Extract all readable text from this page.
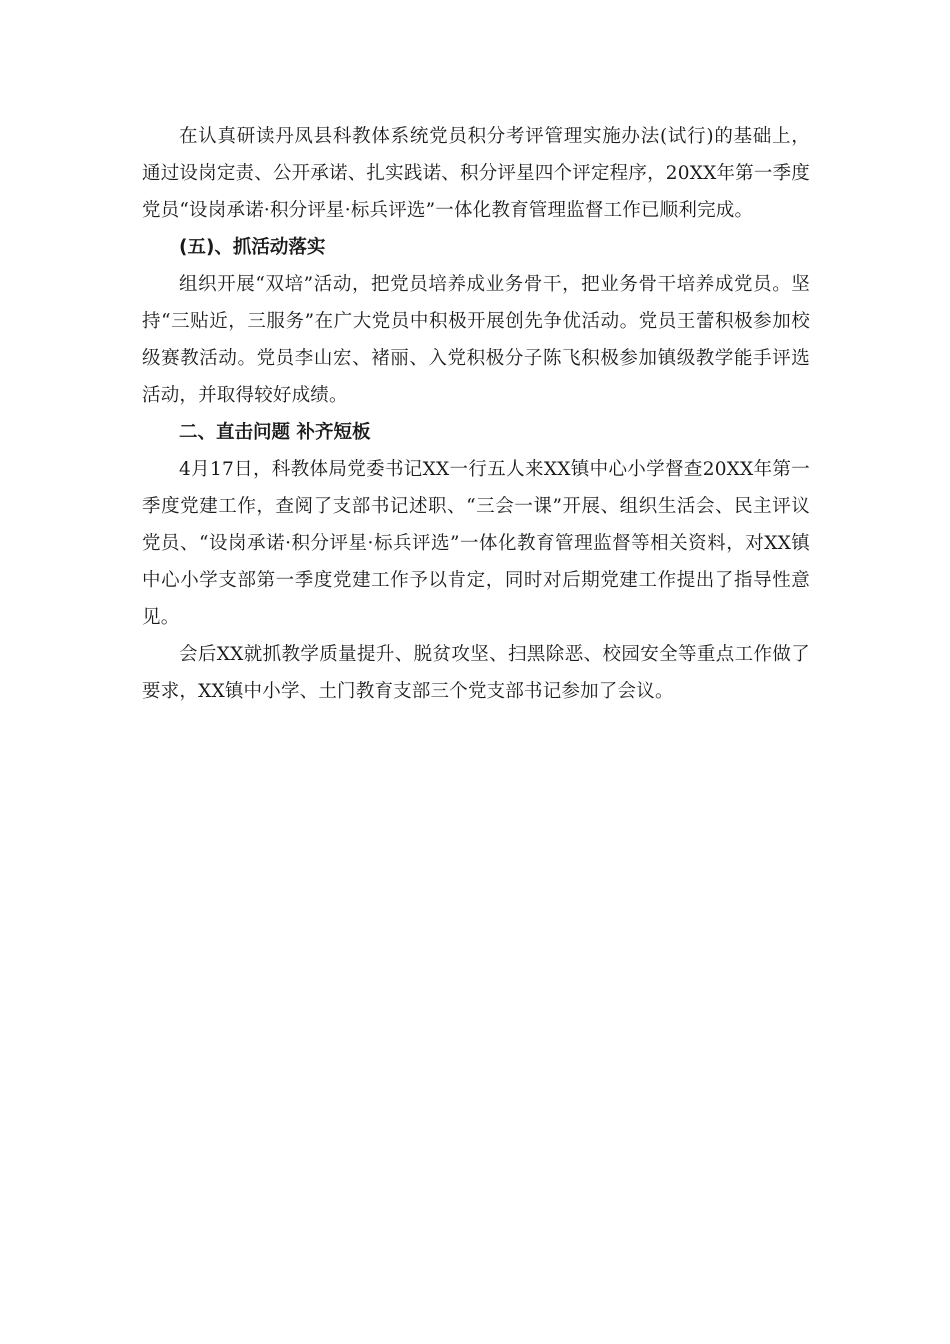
在认真研读丹凤县科教体系统党员积分考评管理实施办法(试行)的基础上，通过设岗定责、公开承诺、扎实践诺、积分评星四个评定程序，20XX年第一季度党员“设岗承诺·积分评星·标兵评选”一体化教育管理监督工作已顺利完成。

(五)、抓活动落实

组织开展“双培”活动，把党员培养成业务骨干，把业务骨干培养成党员。坚持“三贴近，三服务”在广大党员中积极开展创先争优活动。党员王蕾积极参加校级赛教活动。党员李山宏、褚丽、入党积极分子陈飞积极参加镇级教学能手评选活动，并取得较好成绩。

二、直击问题 补齐短板

4月17日，科教体局党委书记XX一行五人来XX镇中心小学督查20XX年第一季度党建工作，查阅了支部书记述职、“三会一课”开展、组织生活会、民主评议党员、“设岗承诺·积分评星·标兵评选”一体化教育管理监督等相关资料，对XX镇中心小学支部第一季度党建工作予以肯定，同时对后期党建工作提出了指导性意见。

会后XX就抓教学质量提升、脱贫攻坚、扫黑除恶、校园安全等重点工作做了要求，XX镇中小学、土门教育支部三个党支部书记参加了会议。
